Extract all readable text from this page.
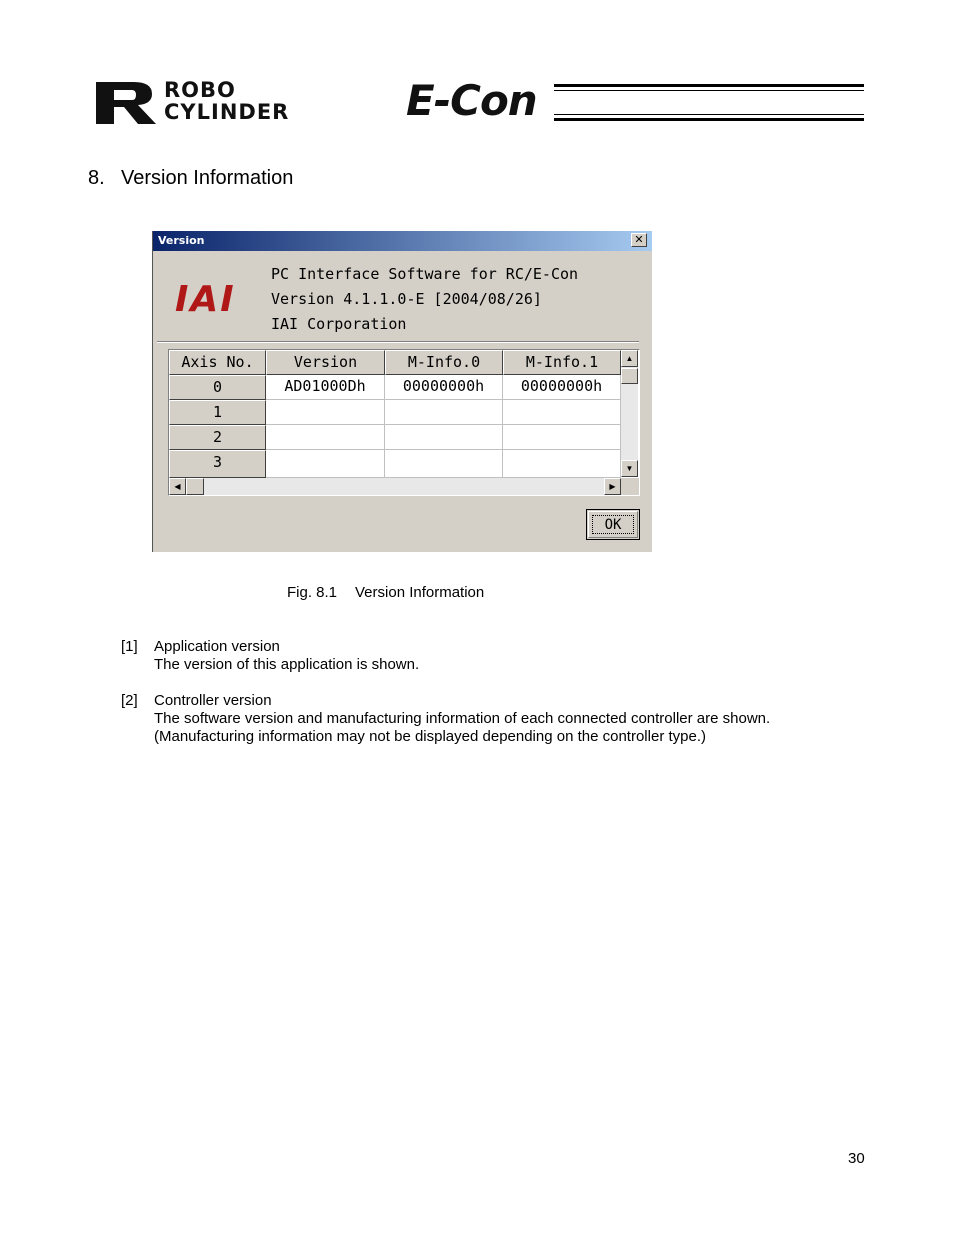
ROBO
CYLINDER	E-Con
8. Version Information
Version	✕
IAI
PC Interface Software for RC/E-Con
Version 4.1.1.0-E [2004/08/26]
IAI Corporation
Axis No.	Version	M-Info.0	M-Info.1
0	AD01000Dh	00000000h	00000000h
1
2
3
▲
▼
◀	▶
OK
Fig. 8.1 Version Information
[1] Application version
The version of this application is shown.
[2] Controller version
The software version and manufacturing information of each connected controller are shown.
(Manufacturing information may not be displayed depending on the controller type.)
30
